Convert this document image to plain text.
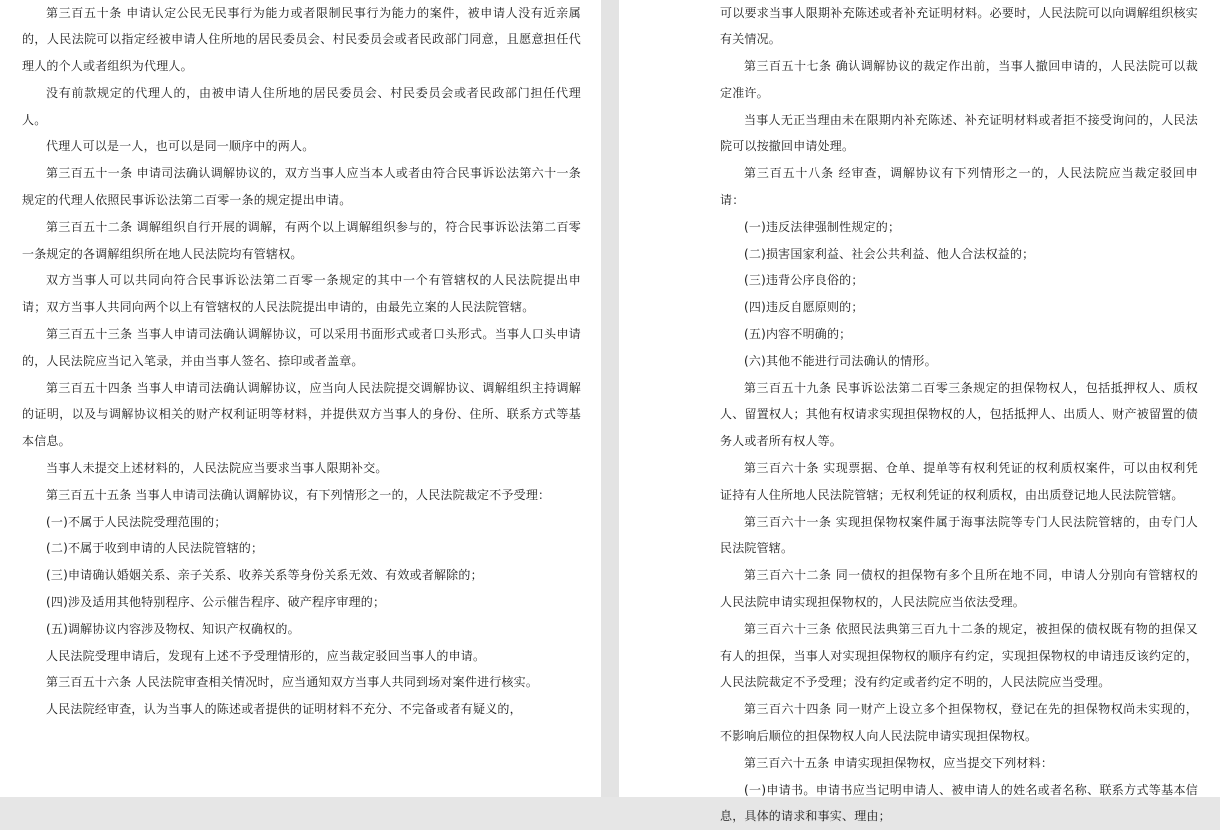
第三百五十条 申请认定公民无民事行为能力或者限制民事行为能力的案件，被申请人没有近亲属的，人民法院可以指定经被申请人住所地的居民委员会、村民委员会或者民政部门同意，且愿意担任代理人的个人或者组织为代理人。

没有前款规定的代理人的，由被申请人住所地的居民委员会、村民委员会或者民政部门担任代理人。

代理人可以是一人，也可以是同一顺序中的两人。

第三百五十一条 申请司法确认调解协议的，双方当事人应当本人或者由符合民事诉讼法第六十一条规定的代理人依照民事诉讼法第二百零一条的规定提出申请。

第三百五十二条 调解组织自行开展的调解，有两个以上调解组织参与的，符合民事诉讼法第二百零一条规定的各调解组织所在地人民法院均有管辖权。

双方当事人可以共同向符合民事诉讼法第二百零一条规定的其中一个有管辖权的人民法院提出申请；双方当事人共同向两个以上有管辖权的人民法院提出申请的，由最先立案的人民法院管辖。

第三百五十三条 当事人申请司法确认调解协议，可以采用书面形式或者口头形式。当事人口头申请的，人民法院应当记入笔录，并由当事人签名、捺印或者盖章。

第三百五十四条 当事人申请司法确认调解协议，应当向人民法院提交调解协议、调解组织主持调解的证明，以及与调解协议相关的财产权利证明等材料，并提供双方当事人的身份、住所、联系方式等基本信息。

当事人未提交上述材料的，人民法院应当要求当事人限期补交。

第三百五十五条 当事人申请司法确认调解协议，有下列情形之一的，人民法院裁定不予受理：

(一)不属于人民法院受理范围的；

(二)不属于收到申请的人民法院管辖的；

(三)申请确认婚姻关系、亲子关系、收养关系等身份关系无效、有效或者解除的；

(四)涉及适用其他特别程序、公示催告程序、破产程序审理的；

(五)调解协议内容涉及物权、知识产权确权的。

人民法院受理申请后，发现有上述不予受理情形的，应当裁定驳回当事人的申请。

第三百五十六条 人民法院审查相关情况时，应当通知双方当事人共同到场对案件进行核实。

人民法院经审查，认为当事人的陈述或者提供的证明材料不充分、不完备或者有疑义的，

可以要求当事人限期补充陈述或者补充证明材料。必要时，人民法院可以向调解组织核实有关情况。

第三百五十七条 确认调解协议的裁定作出前，当事人撤回申请的，人民法院可以裁定准许。

当事人无正当理由未在限期内补充陈述、补充证明材料或者拒不接受询问的，人民法院可以按撤回申请处理。

第三百五十八条 经审查，调解协议有下列情形之一的，人民法院应当裁定驳回申请：

(一)违反法律强制性规定的；

(二)损害国家利益、社会公共利益、他人合法权益的；

(三)违背公序良俗的；

(四)违反自愿原则的；

(五)内容不明确的；

(六)其他不能进行司法确认的情形。

第三百五十九条 民事诉讼法第二百零三条规定的担保物权人，包括抵押权人、质权人、留置权人；其他有权请求实现担保物权的人，包括抵押人、出质人、财产被留置的债务人或者所有权人等。

第三百六十条 实现票据、仓单、提单等有权利凭证的权利质权案件，可以由权利凭证持有人住所地人民法院管辖；无权利凭证的权利质权，由出质登记地人民法院管辖。

第三百六十一条 实现担保物权案件属于海事法院等专门人民法院管辖的，由专门人民法院管辖。

第三百六十二条 同一债权的担保物有多个且所在地不同，申请人分别向有管辖权的人民法院申请实现担保物权的，人民法院应当依法受理。

第三百六十三条 依照民法典第三百九十二条的规定，被担保的债权既有物的担保又有人的担保，当事人对实现担保物权的顺序有约定，实现担保物权的申请违反该约定的，人民法院裁定不予受理；没有约定或者约定不明的，人民法院应当受理。

第三百六十四条 同一财产上设立多个担保物权，登记在先的担保物权尚未实现的，不影响后顺位的担保物权人向人民法院申请实现担保物权。

第三百六十五条 申请实现担保物权，应当提交下列材料：

(一)申请书。申请书应当记明申请人、被申请人的姓名或者名称、联系方式等基本信息，具体的请求和事实、理由；
